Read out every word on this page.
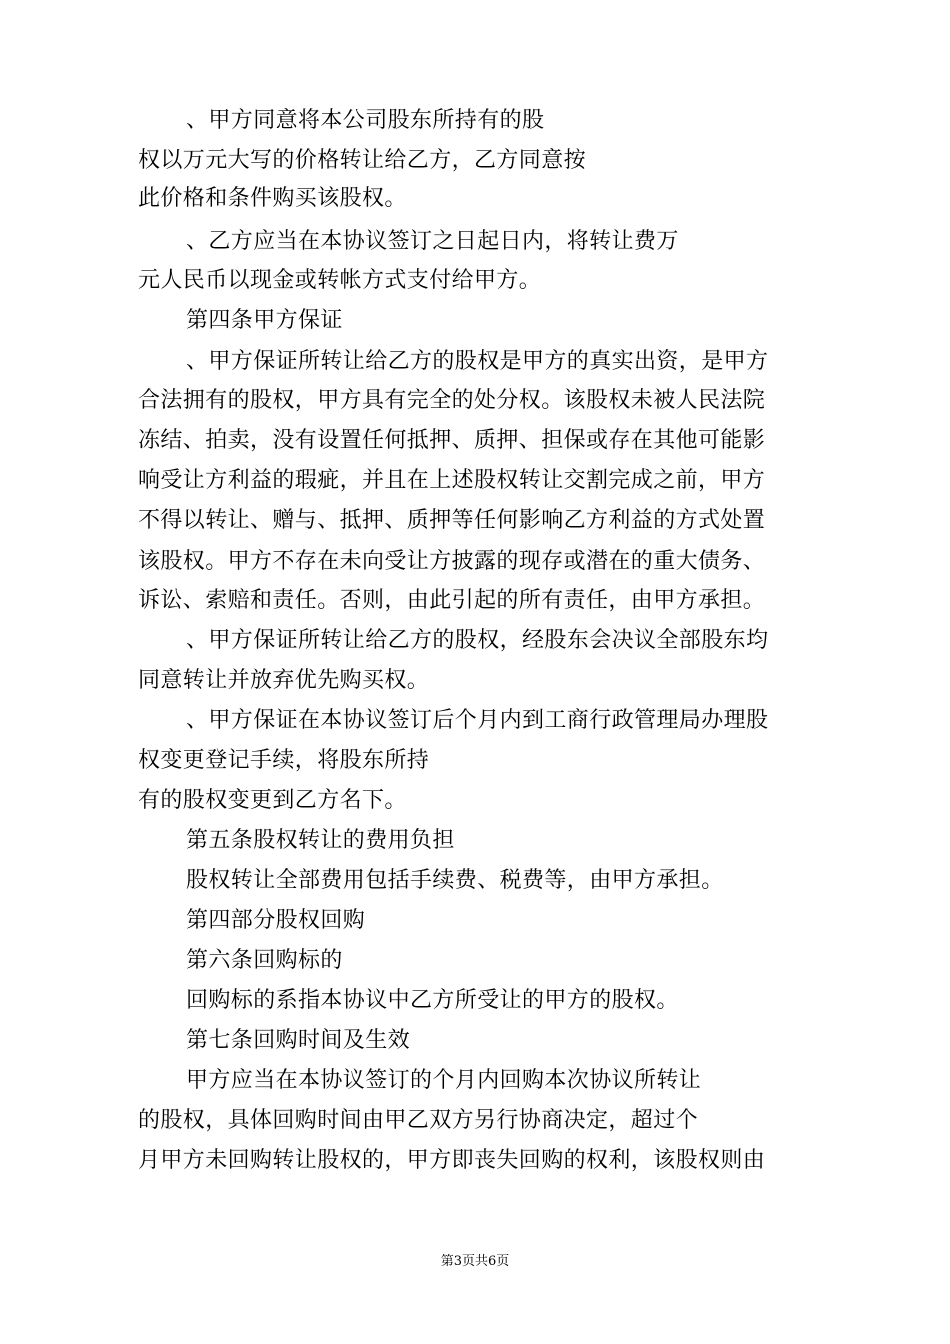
、甲方同意将本公司股东所持有的股

权以万元大写的价格转让给乙方，乙方同意按

此价格和条件购买该股权。

、乙方应当在本协议签订之日起日内，将转让费万

元人民币以现金或转帐方式支付给甲方。

第四条甲方保证

、甲方保证所转让给乙方的股权是甲方的真实出资，是甲方

合法拥有的股权，甲方具有完全的处分权。该股权未被人民法院

冻结、拍卖，没有设置任何抵押、质押、担保或存在其他可能影

响受让方利益的瑕疵，并且在上述股权转让交割完成之前，甲方

不得以转让、赠与、抵押、质押等任何影响乙方利益的方式处置

该股权。甲方不存在未向受让方披露的现存或潜在的重大债务、

诉讼、索赔和责任。否则，由此引起的所有责任，由甲方承担。

、甲方保证所转让给乙方的股权，经股东会决议全部股东均

同意转让并放弃优先购买权。

、甲方保证在本协议签订后个月内到工商行政管理局办理股

权变更登记手续，将股东所持

有的股权变更到乙方名下。

第五条股权转让的费用负担

股权转让全部费用包括手续费、税费等，由甲方承担。

第四部分股权回购

第六条回购标的

回购标的系指本协议中乙方所受让的甲方的股权。

第七条回购时间及生效

甲方应当在本协议签订的个月内回购本次协议所转让

的股权，具体回购时间由甲乙双方另行协商决定，超过个

月甲方未回购转让股权的，甲方即丧失回购的权利，该股权则由

第3页共6页
